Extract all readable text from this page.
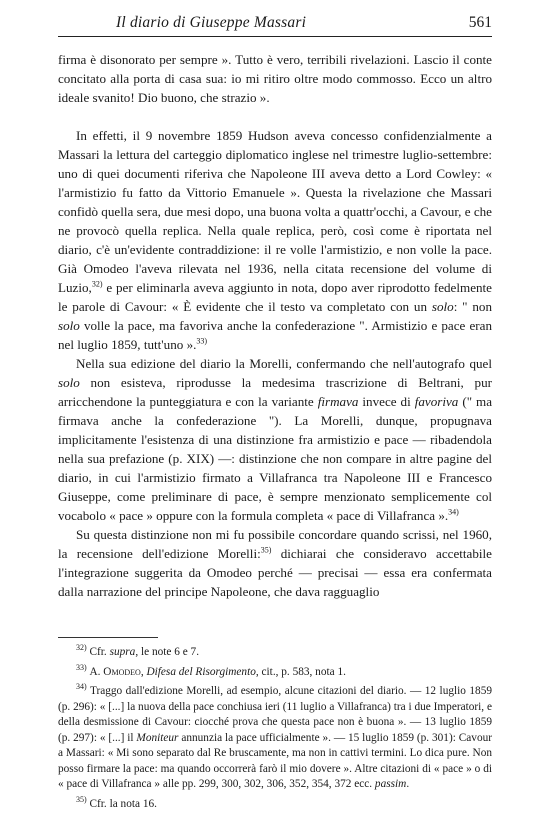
Il diario di Giuseppe Massari	561

firma è disonorato per sempre ». Tutto è vero, terribili rivelazioni. Lascio il conte concitato alla porta di casa sua: io mi ritiro oltre modo commosso. Ecco un altro ideale svanito! Dio buono, che strazio ».

In effetti, il 9 novembre 1859 Hudson aveva concesso confidenzialmente a Massari la lettura del carteggio diplomatico inglese nel trimestre luglio-settembre: uno di quei documenti riferiva che Napoleone III aveva detto a Lord Cowley: « l'armistizio fu fatto da Vittorio Emanuele ». Questa la rivelazione che Massari confidò quella sera, due mesi dopo, una buona volta a quattr'occhi, a Cavour, e che ne provocò quella replica. Nella quale replica, però, così come è riportata nel diario, c'è un'evidente contraddizione: il re volle l'armistizio, e non volle la pace. Già Omodeo l'aveva rilevata nel 1936, nella citata recensione del volume di Luzio,$^{32)}$ e per eliminarla aveva aggiunto in nota, dopo aver riprodotto fedelmente le parole di Cavour: « È evidente che il testo va completato con un solo: " non solo volle la pace, ma favoriva anche la confederazione ". Armistizio e pace eran nel luglio 1859, tutt'uno ».$^{33)}$

Nella sua edizione del diario la Morelli, confermando che nell'autografo quel solo non esisteva, riprodusse la medesima trascrizione di Beltrani, pur arricchendone la punteggiatura e con la variante firmava invece di favoriva (" ma firmava anche la confederazione "). La Morelli, dunque, propugnava implicitamente l'esistenza di una distinzione fra armistizio e pace — ribadendola nella sua prefazione (p. XIX) —: distinzione che non compare in altre pagine del diario, in cui l'armistizio firmato a Villafranca tra Napoleone III e Francesco Giuseppe, come preliminare di pace, è sempre menzionato semplicemente col vocabolo « pace » oppure con la formula completa « pace di Villafranca ».$^{34)}$

Su questa distinzione non mi fu possibile concordare quando scrissi, nel 1960, la recensione dell'edizione Morelli:$^{35)}$ dichiarai che consideravo accettabile l'integrazione suggerita da Omodeo perché — precisai — essa era confermata dalla narrazione del principe Napoleone, che dava ragguaglio

$^{32)}$ Cfr. supra, le note 6 e 7.

$^{33)}$ A. Omodeo, Difesa del Risorgimento, cit., p. 583, nota 1.

$^{34)}$ Traggo dall'edizione Morelli, ad esempio, alcune citazioni del diario. — 12 luglio 1859 (p. 296): « [...] la nuova della pace conchiusa ieri (11 luglio a Villafranca) tra i due Imperatori, e della desmissione di Cavour: ciocché prova che questa pace non è buona ». — 13 luglio 1859 (p. 297): « [...] il Moniteur annunzia la pace ufficialmente ». — 15 luglio 1859 (p. 301): Cavour a Massari: « Mi sono separato dal Re bruscamente, ma non in cattivi termini. Lo dica pure. Non posso firmare la pace: ma quando occorrerà farò il mio dovere ». Altre citazioni di « pace » o di « pace di Villafranca » alle pp. 299, 300, 302, 306, 352, 354, 372 ecc. passim.

$^{35)}$ Cfr. la nota 16.
